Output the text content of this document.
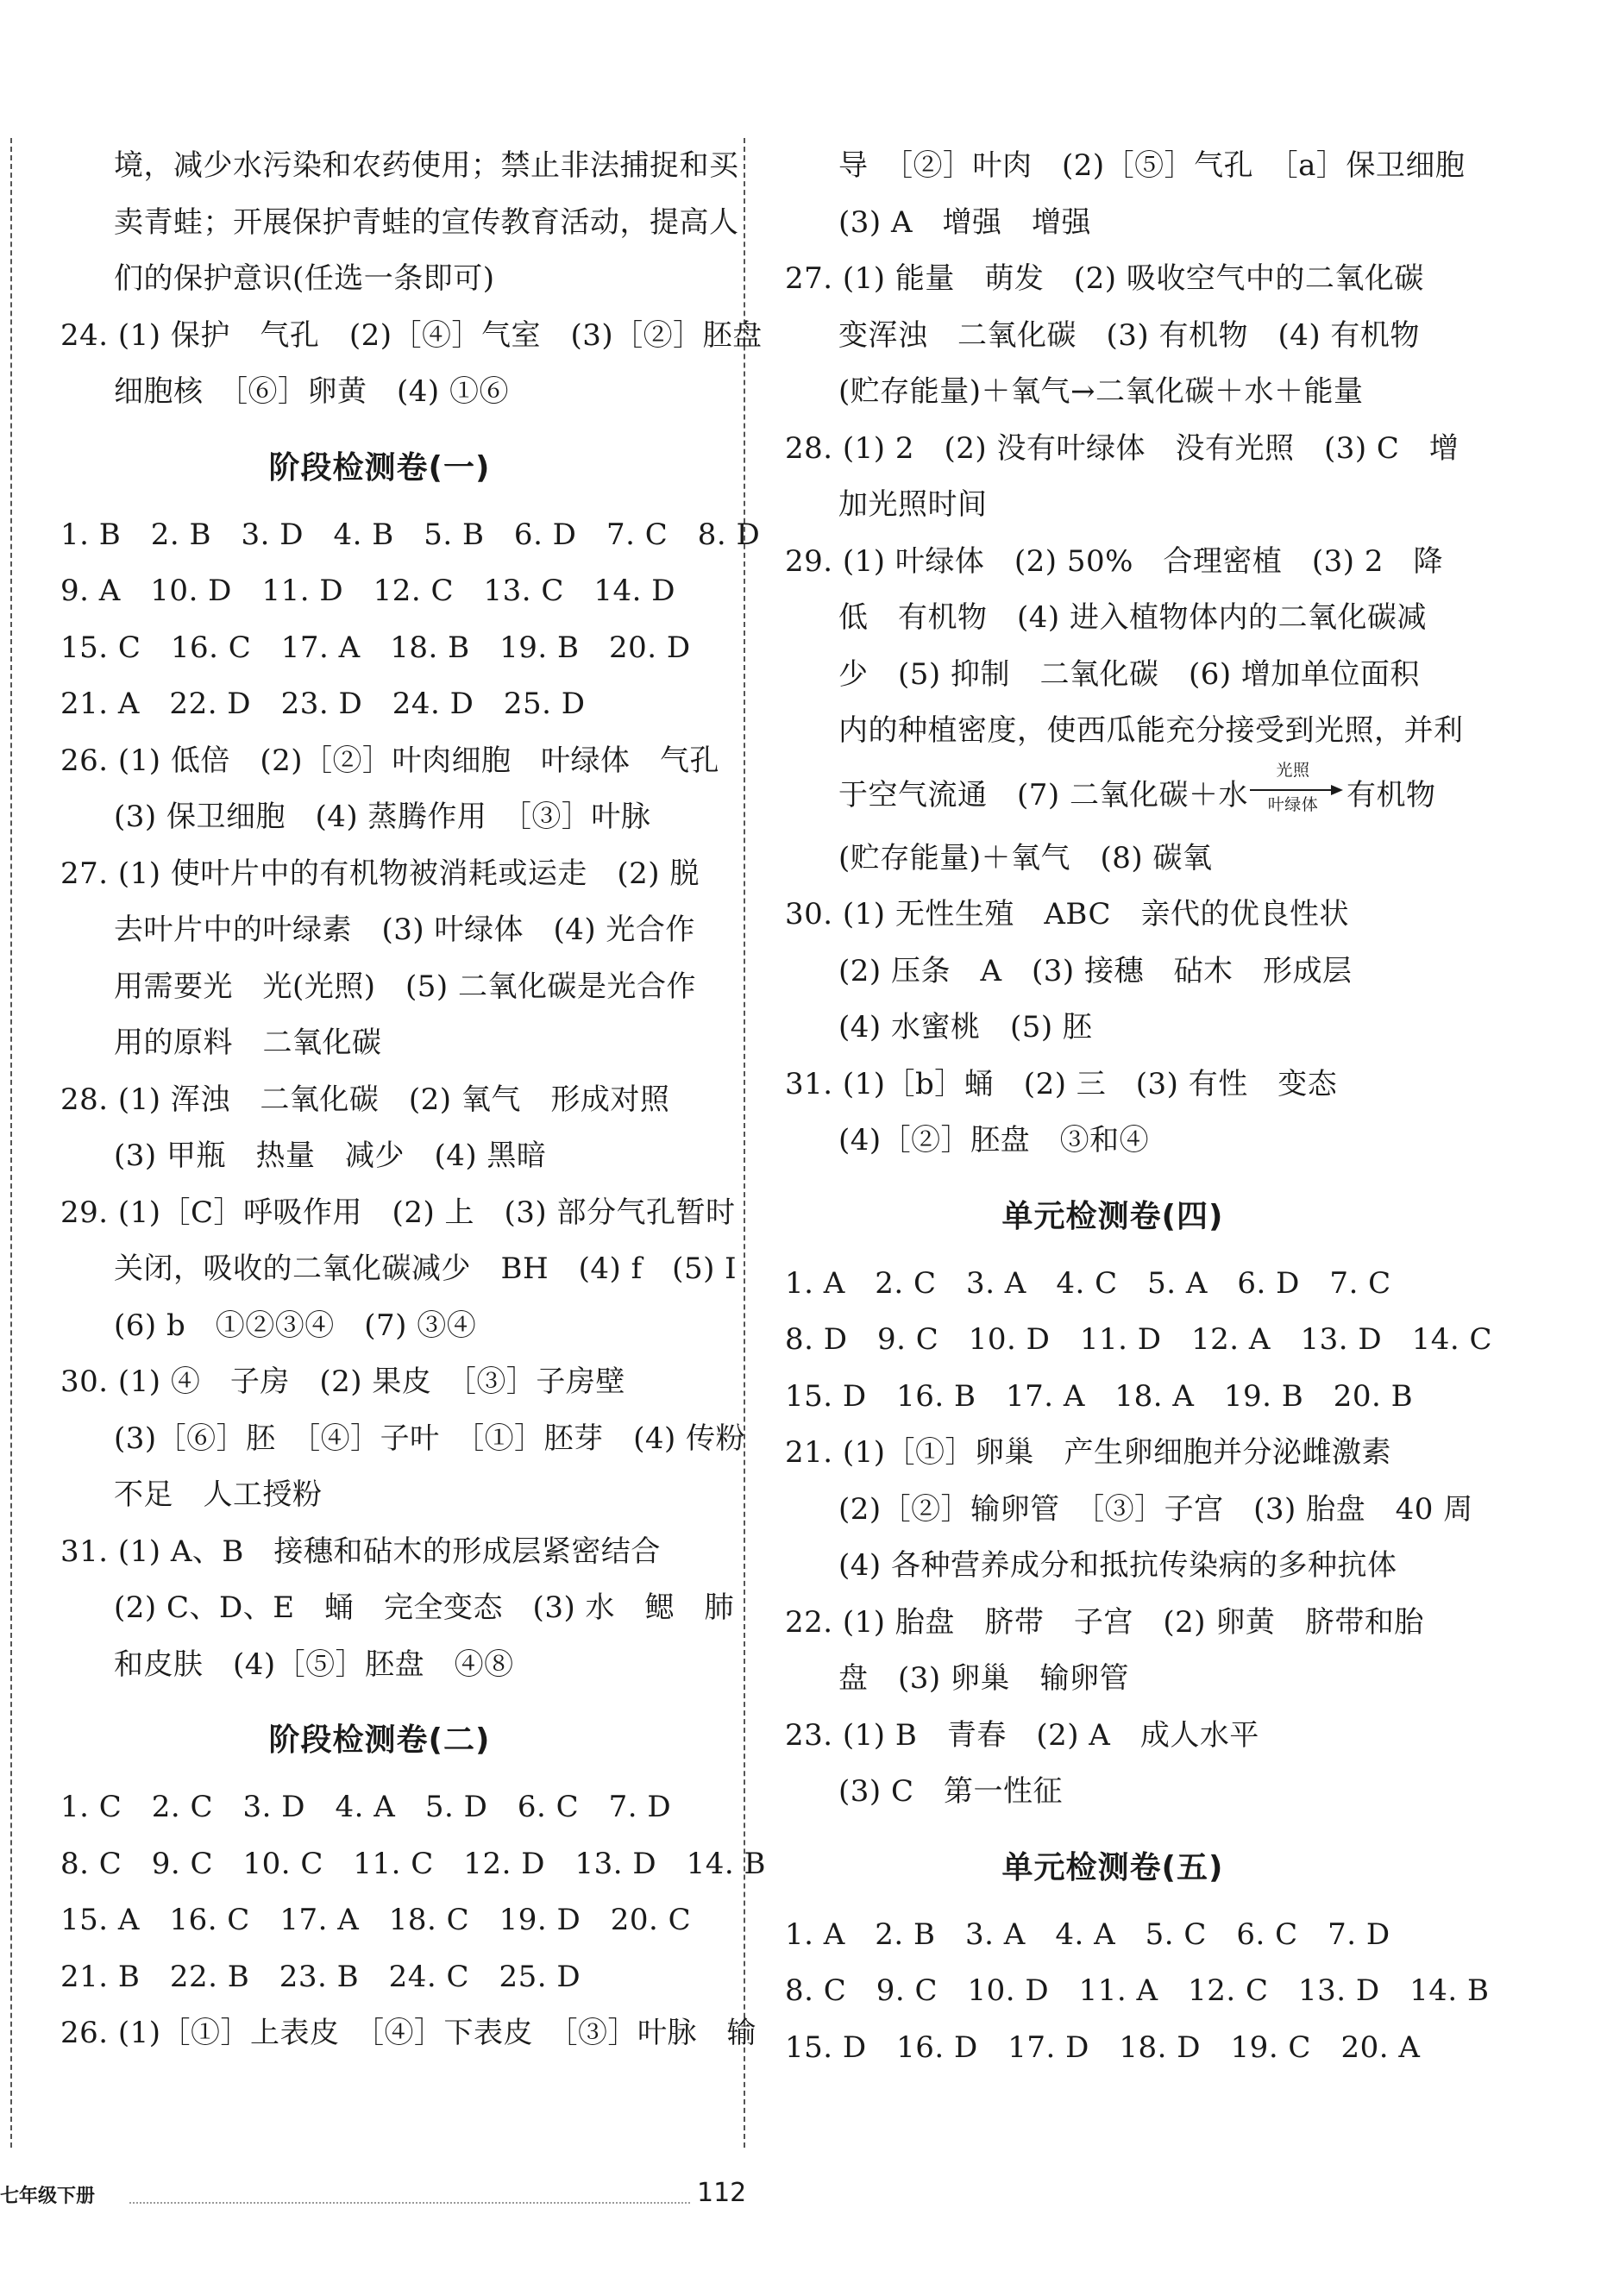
境，减少水污染和农药使用；禁止非法捕捉和买
卖青蛙；开展保护青蛙的宣传教育活动，提高人
们的保护意识(任选一条即可)
24. (1) 保护　气孔　(2)［④］气室　(3)［②］胚盘
细胞核　［⑥］卵黄　(4) ①⑥
阶段检测卷(一)
1. B　2. B　3. D　4. B　5. B　6. D　7. C　8. D
9. A　10. D　11. D　12. C　13. C　14. D
15. C　16. C　17. A　18. B　19. B　20. D
21. A　22. D　23. D　24. D　25. D
26. (1) 低倍　(2)［②］叶肉细胞　叶绿体　气孔
(3) 保卫细胞　(4) 蒸腾作用　［③］叶脉
27. (1) 使叶片中的有机物被消耗或运走　(2) 脱
去叶片中的叶绿素　(3) 叶绿体　(4) 光合作
用需要光　光(光照)　(5) 二氧化碳是光合作
用的原料　二氧化碳
28. (1) 浑浊　二氧化碳　(2) 氧气　形成对照
(3) 甲瓶　热量　减少　(4) 黑暗
29. (1)［C］呼吸作用　(2) 上　(3) 部分气孔暂时
关闭，吸收的二氧化碳减少　BH　(4) f　(5) I
(6) b　①②③④　(7) ③④
30. (1) ④　子房　(2) 果皮　［③］子房壁
(3)［⑥］胚　［④］子叶　［①］胚芽　(4) 传粉
不足　人工授粉
31. (1) A、B　接穗和砧木的形成层紧密结合
(2) C、D、E　蛹　完全变态　(3) 水　鳃　肺
和皮肤　(4)［⑤］胚盘　④⑧
阶段检测卷(二)
1. C　2. C　3. D　4. A　5. D　6. C　7. D
8. C　9. C　10. C　11. C　12. D　13. D　14. B
15. A　16. C　17. A　18. C　19. D　20. C
21. B　22. B　23. B　24. C　25. D
26. (1)［①］上表皮　［④］下表皮　［③］叶脉　输
导　［②］叶肉　(2)［⑤］气孔　［a］保卫细胞
(3) A　增强　增强
27. (1) 能量　萌发　(2) 吸收空气中的二氧化碳
变浑浊　二氧化碳　(3) 有机物　(4) 有机物
(贮存能量)＋氧气→二氧化碳＋水＋能量
28. (1) 2　(2) 没有叶绿体　没有光照　(3) C　增
加光照时间
29. (1) 叶绿体　(2) 50%　合理密植　(3) 2　降
低　有机物　(4) 进入植物体内的二氧化碳减
少　(5) 抑制　二氧化碳　(6) 增加单位面积
内的种植密度，使西瓜能充分接受到光照，并利
于空气流通　(7) 二氧化碳＋水
光照
叶绿体 有机物
(贮存能量)＋氧气　(8) 碳氧
30. (1) 无性生殖　ABC　亲代的优良性状
(2) 压条　A　(3) 接穗　砧木　形成层
(4) 水蜜桃　(5) 胚
31. (1)［b］蛹　(2) 三　(3) 有性　变态
(4)［②］胚盘　③和④
单元检测卷(四)
1. A　2. C　3. A　4. C　5. A　6. D　7. C
8. D　9. C　10. D　11. D　12. A　13. D　14. C
15. D　16. B　17. A　18. A　19. B　20. B
21. (1)［①］卵巢　产生卵细胞并分泌雌激素
(2)［②］输卵管　［③］子宫　(3) 胎盘　40 周
(4) 各种营养成分和抵抗传染病的多种抗体
22. (1) 胎盘　脐带　子宫　(2) 卵黄　脐带和胎
盘　(3) 卵巢　输卵管
23. (1) B　青春　(2) A　成人水平
(3) C　第一性征
单元检测卷(五)
1. A　2. B　3. A　4. A　5. C　6. C　7. D
8. C　9. C　10. D　11. A　12. C　13. D　14. B
15. D　16. D　17. D　18. D　19. C　20. A
七年级下册	112
